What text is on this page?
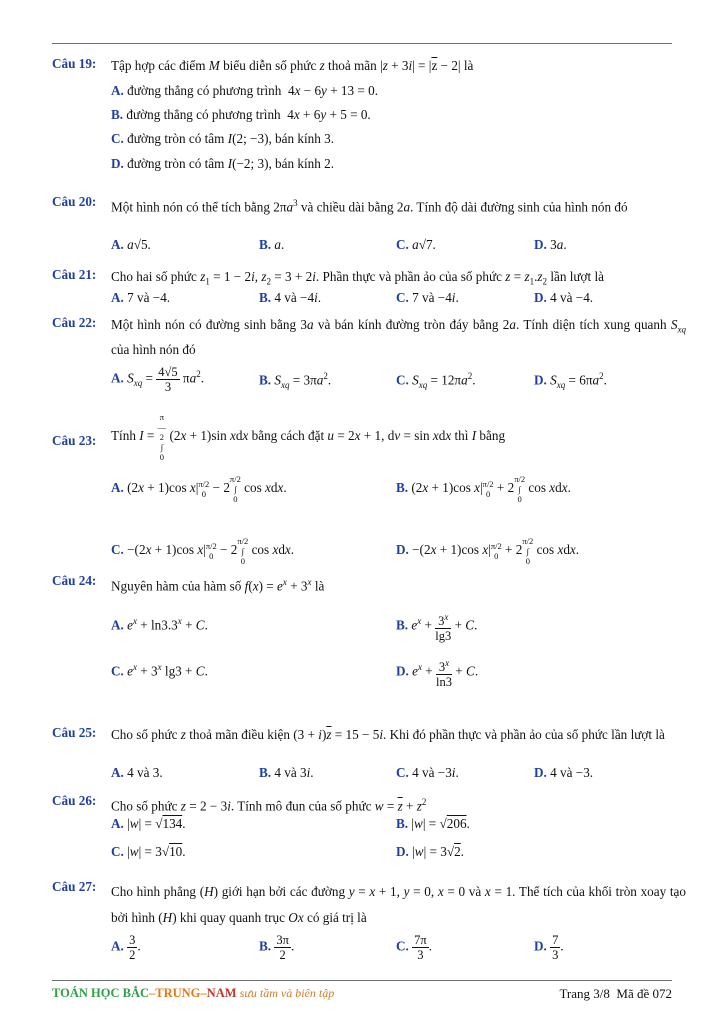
Câu 19: Tập hợp các điểm M biểu diễn số phức z thoả mãn $|z + 3i| = |\overline{z} - 2|$ là
A. đường thẳng có phương trình  4x − 6y + 13 = 0.
B. đường thẳng có phương trình  4x + 6y + 5 = 0.
C. đường tròn có tâm I(2; −3), bán kính 3.
D. đường tròn có tâm I(−2; 3), bán kính 2.
Câu 20: Một hình nón có thể tích bằng $2\pi a^3$ và chiều dài bằng 2a. Tính độ dài đường sinh của hình nón đó
A. a√5.	B. a.	C. a√7.	D. 3a.
Câu 21: Cho hai số phức $z_1 = 1 - 2i$, $z_2 = 3 + 2i$. Phần thực và phần ảo của số phức $z = z_1.z_2$ lần lượt là
A. 7 và −4.	B. 4 và −4i.	C. 7 và −4i.	D. 4 và −4.
Câu 22: Một hình nón có đường sinh bằng 3a và bán kính đường tròn đáy bằng 2a. Tính diện tích xung quanh $S_{xq}$ của hình nón đó
A. $S_{xq} = \frac{4√5}{3} \pi a^2$.	B. $S_{xq} = 3\pi a^2$.	C. $S_{xq} = 12\pi a^2$.	D. $S_{xq} = 6\pi a^2$.
Câu 23: Tính I = π
—
2
∫
0 (2x + 1)sin xdx bằng cách đặt u = 2x + 1, dv = sin xdx thì I bằng
A. (2x + 1)cos x|π/2
0 − 2π/2
∫
0 cos xdx.	B. (2x + 1)cos x|π/2
0 + 2π/2
∫
0 cos xdx.
C. −(2x + 1)cos x|π/2
0 − 2π/2
∫
0 cos xdx.	D. −(2x + 1)cos x|π/2
0 + 2π/2
∫
0 cos xdx.
Câu 24: Nguyên hàm của hàm số $f(x) = e^x + 3^x$ là
A. $e^x + \ln 3.3^x + C$.	B. $e^x + \frac{3^x}{\lg 3} + C$.
C. $e^x + 3^x$ lg3 + C.	D. $e^x + \frac{3^x}{\ln 3} + C$.
Câu 25: Cho số phức z thoả mãn điều kiện $(3 + i)\overline{z} = 15 - 5i$. Khi đó phần thực và phần ảo của số phức lần lượt là
A. 4 và 3.	B. 4 và 3i.	C. 4 và −3i.	D. 4 và −3.
Câu 26: Cho số phức z = 2 − 3i. Tính mô đun của số phức $w = \overline{z} + z^2$
A. |w| = √134.	B. |w| = √206.
C. |w| = 3√10.	D. |w| = 3√2.
Câu 27: Cho hình phẳng (H) giới hạn bởi các đường y = x + 1, y = 0, x = 0 và x = 1. Thể tích của khối tròn xoay tạo bởi hình (H) khi quay quanh trục Ox có giá trị là
A. $\frac{3}{2}$ .	B. $\frac{3\pi}{2}$ .	C. $\frac{7\pi}{3}$ .	D. $\frac{7}{3}$ .
TOÁN HỌC BẮC–TRUNG–NAM sưu tầm và biên tập	Trang 3/8 Mã đề 072
